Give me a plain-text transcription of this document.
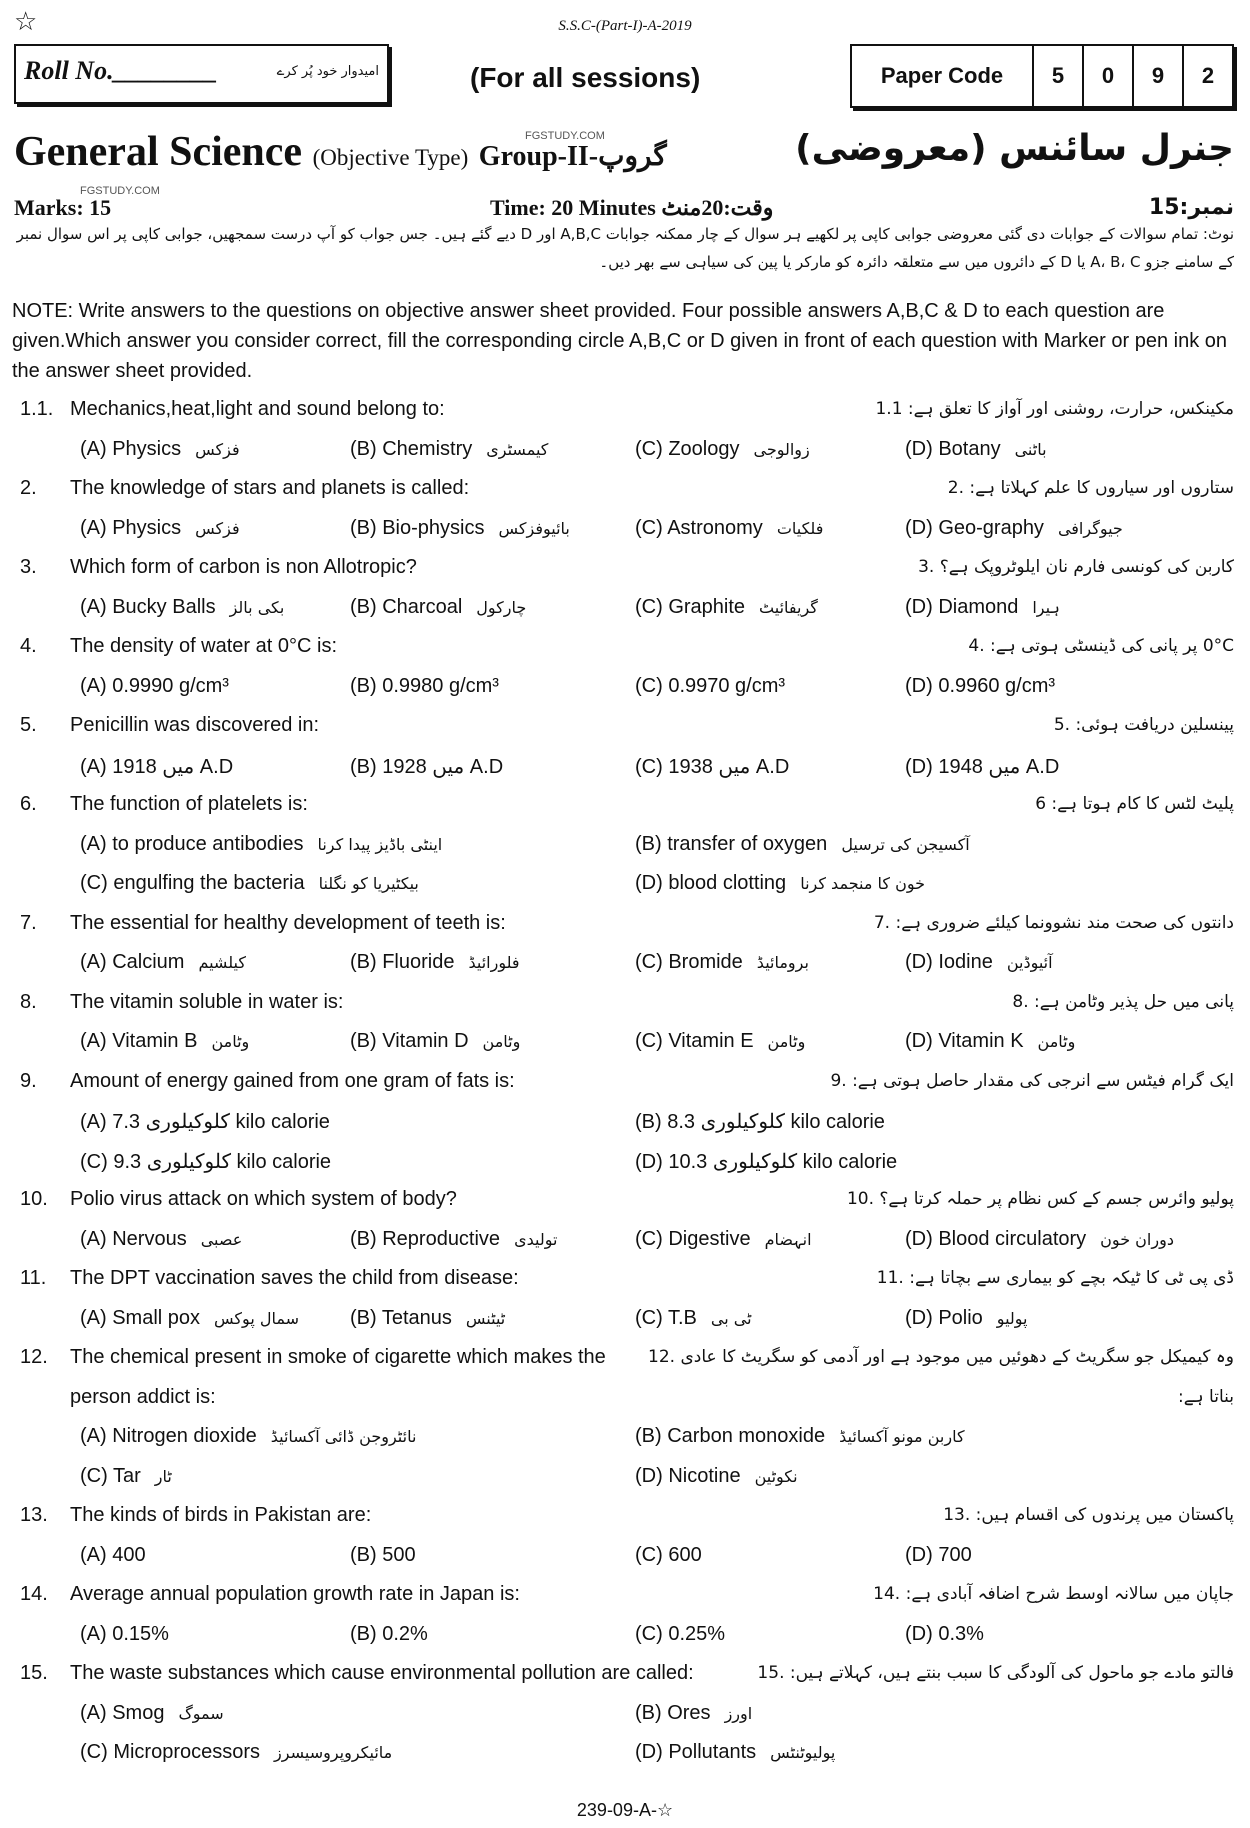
☆	S.S.C-(Part-I)-A-2019
Roll No.________	امیدوار خود پُر کرے	(For all sessions)	Paper Code	5	0	9	2
General Science (Objective Type) Group-II-گروپ	جنرل سائنس (معروضی)
Marks: 15	Time: 20 Minutes وقت:20منٹ	نمبر:15
نوٹ: تمام سوالات کے جوابات دی گئی معروضی جوابی کاپی پر لکھیے ہر سوال کے چار ممکنہ جوابات A,B,C اور D دیے گئے ہیں۔ جس جواب کو آپ درست سمجھیں، جوابی کاپی پر اس سوال نمبر کے سامنے جزو A، B، C یا D کے دائروں میں سے متعلقہ دائرہ کو مارکر یا پین کی سیاہی سے بھر دیں۔
NOTE: Write answers to the questions on objective answer sheet provided. Four possible answers A,B,C & D to each question are given.Which answer you consider correct, fill the corresponding circle A,B,C or D given in front of each question with Marker or pen ink on the answer sheet provided.
FGSTUDY.COM
FGSTUDY.COM
1.1. Mechanics,heat,light and sound belong to:	مکینکس، حرارت، روشنی اور آواز کا تعلق ہے: 1.1
(A) Physics فزکس	(B) Chemistry کیمسٹری	(C) Zoology زوالوجی	(D) Botany باٹنی
2. The knowledge of stars and planets is called:	ستاروں اور سیاروں کا علم کہلاتا ہے: .2
(A) Physics فزکس	(B) Bio-physics بائیوفزکس	(C) Astronomy فلکیات	(D) Geo-graphy جیوگرافی
3. Which form of carbon is non Allotropic?	کاربن کی کونسی فارم نان ایلوٹروپک ہے؟ .3
(A) Bucky Balls بکی بالز	(B) Charcoal چارکول	(C) Graphite گریفائیٹ	(D) Diamond ہیرا
4. The density of water at 0°C is:	0°C پر پانی کی ڈینسٹی ہوتی ہے: .4
(A) 0.9990 g/cm³	(B) 0.9980 g/cm³	(C) 0.9970 g/cm³	(D) 0.9960 g/cm³
5. Penicillin was discovered in:	پینسلین دریافت ہوئی: .5
(A) میں 1918 A.D	(B) میں 1928 A.D	(C) میں 1938 A.D	(D) میں 1948 A.D
6. The function of platelets is:	پلیٹ لٹس کا کام ہوتا ہے: 6
(A) to produce antibodies اینٹی باڈیز پیدا کرنا	(B) transfer of oxygen آکسیجن کی ترسیل
(C) engulfing the bacteria بیکٹیریا کو نگلنا	(D) blood clotting خون کا منجمد کرنا
7. The essential for healthy development of teeth is:	دانتوں کی صحت مند نشوونما کیلئے ضروری ہے: .7
(A) Calcium کیلشیم	(B) Fluoride فلورائیڈ	(C) Bromide برومائیڈ	(D) Iodine آئیوڈین
8. The vitamin soluble in water is:	پانی میں حل پذیر وٹامن ہے: .8
(A) Vitamin B وٹامن	(B) Vitamin D وٹامن	(C) Vitamin E وٹامن	(D) Vitamin K وٹامن
9. Amount of energy gained from one gram of fats is:	ایک گرام فیٹس سے انرجی کی مقدار حاصل ہوتی ہے: .9
(A) کلوکیلوری 7.3 kilo calorie	(B) کلوکیلوری 8.3 kilo calorie
(C) کلوکیلوری 9.3 kilo calorie	(D) کلوکیلوری 10.3 kilo calorie
10. Polio virus attack on which system of body?	پولیو وائرس جسم کے کس نظام پر حملہ کرتا ہے؟ .10
(A) Nervous عصبی	(B) Reproductive تولیدی	(C) Digestive انہضام	(D) Blood circulatory دوران خون
11. The DPT vaccination saves the child from disease:	ڈی پی ٹی کا ٹیکہ بچے کو بیماری سے بچاتا ہے: .11
(A) Small pox سمال پوکس	(B) Tetanus ٹیٹنس	(C) T.B ٹی بی	(D) Polio پولیو
12. The chemical present in smoke of cigarette which makes the وہ کیمیکل جو سگریٹ کے دھوئیں میں موجود ہے اور آدمی کو سگریٹ کا عادی .12
person addict is:	بناتا ہے:
(A) Nitrogen dioxide نائٹروجن ڈائی آکسائیڈ	(B) Carbon monoxide کاربن مونو آکسائیڈ
(C) Tar ٹار	(D) Nicotine نکوٹین
13. The kinds of birds in Pakistan are:	پاکستان میں پرندوں کی اقسام ہیں: .13
(A) 400	(B) 500	(C) 600	(D) 700
14. Average annual population growth rate in Japan is:	جاپان میں سالانہ اوسط شرح اضافہ آبادی ہے: .14
(A) 0.15%	(B) 0.2%	(C) 0.25%	(D) 0.3%
15. The waste substances which cause environmental pollution are called:	فالتو مادے جو ماحول کی آلودگی کا سبب بنتے ہیں، کہلاتے ہیں: .15
(A) Smog سموگ	(B) Ores اورز
(C) Microprocessors مائیکروپروسیسرز	(D) Pollutants پولیوٹنٹس
239-09-A-☆
